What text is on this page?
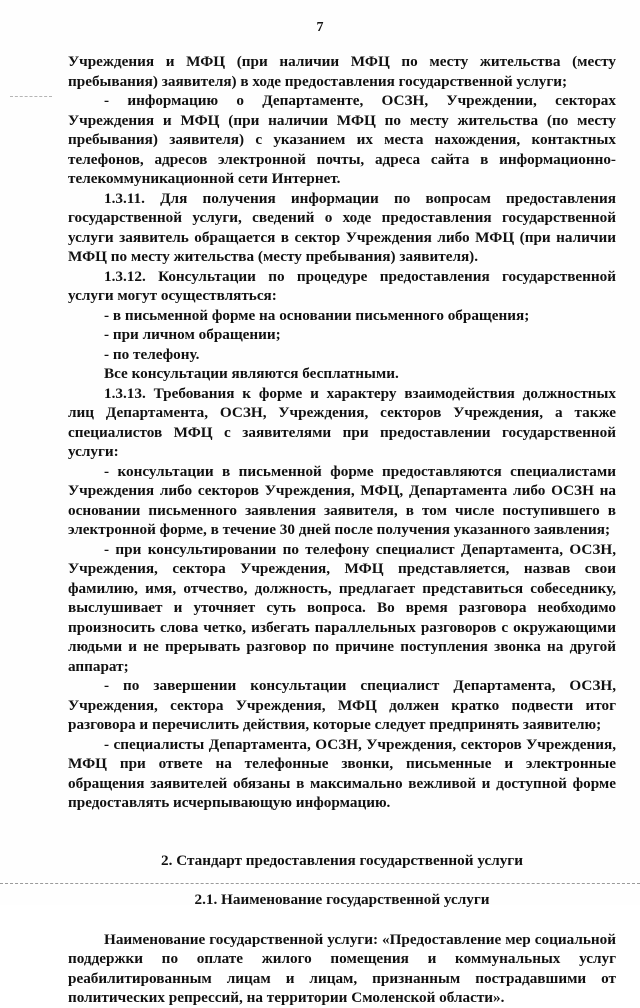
7

Учреждения и МФЦ (при наличии МФЦ по месту жительства (месту пребывания) заявителя) в ходе предоставления государственной услуги;

- информацию о Департаменте, ОСЗН, Учреждении, секторах Учреждения и МФЦ (при наличии МФЦ по месту жительства (по месту пребывания) заявителя) с указанием их места нахождения, контактных телефонов, адресов электронной почты, адреса сайта в информационно-телекоммуникационной сети Интернет.

1.3.11. Для получения информации по вопросам предоставления государственной услуги, сведений о ходе предоставления государственной услуги заявитель обращается в сектор Учреждения либо МФЦ (при наличии МФЦ по месту жительства (месту пребывания) заявителя).

1.3.12. Консультации по процедуре предоставления государственной услуги могут осуществляться:

- в письменной форме на основании письменного обращения;

- при личном обращении;

- по телефону.

Все консультации являются бесплатными.

1.3.13. Требования к форме и характеру взаимодействия должностных лиц Департамента, ОСЗН, Учреждения, секторов Учреждения, а также специалистов МФЦ с заявителями при предоставлении государственной услуги:

- консультации в письменной форме предоставляются специалистами Учреждения либо секторов Учреждения, МФЦ, Департамента либо ОСЗН на основании письменного заявления заявителя, в том числе поступившего в электронной форме, в течение 30 дней после получения указанного заявления;

- при консультировании по телефону специалист Департамента, ОСЗН, Учреждения, сектора Учреждения, МФЦ представляется, назвав свои фамилию, имя, отчество, должность, предлагает представиться собеседнику, выслушивает и уточняет суть вопроса. Во время разговора необходимо произносить слова четко, избегать параллельных разговоров с окружающими людьми и не прерывать разговор по причине поступления звонка на другой аппарат;

- по завершении консультации специалист Департамента, ОСЗН, Учреждения, сектора Учреждения, МФЦ должен кратко подвести итог разговора и перечислить действия, которые следует предпринять заявителю;

- специалисты Департамента, ОСЗН, Учреждения, секторов Учреждения, МФЦ при ответе на телефонные звонки, письменные и электронные обращения заявителей обязаны в максимально вежливой и доступной форме предоставлять исчерпывающую информацию.

2. Стандарт предоставления государственной услуги

2.1. Наименование государственной услуги

Наименование государственной услуги: «Предоставление мер социальной поддержки по оплате жилого помещения и коммунальных услуг реабилитированным лицам и лицам, признанным пострадавшими от политических репрессий, на территории Смоленской области».
